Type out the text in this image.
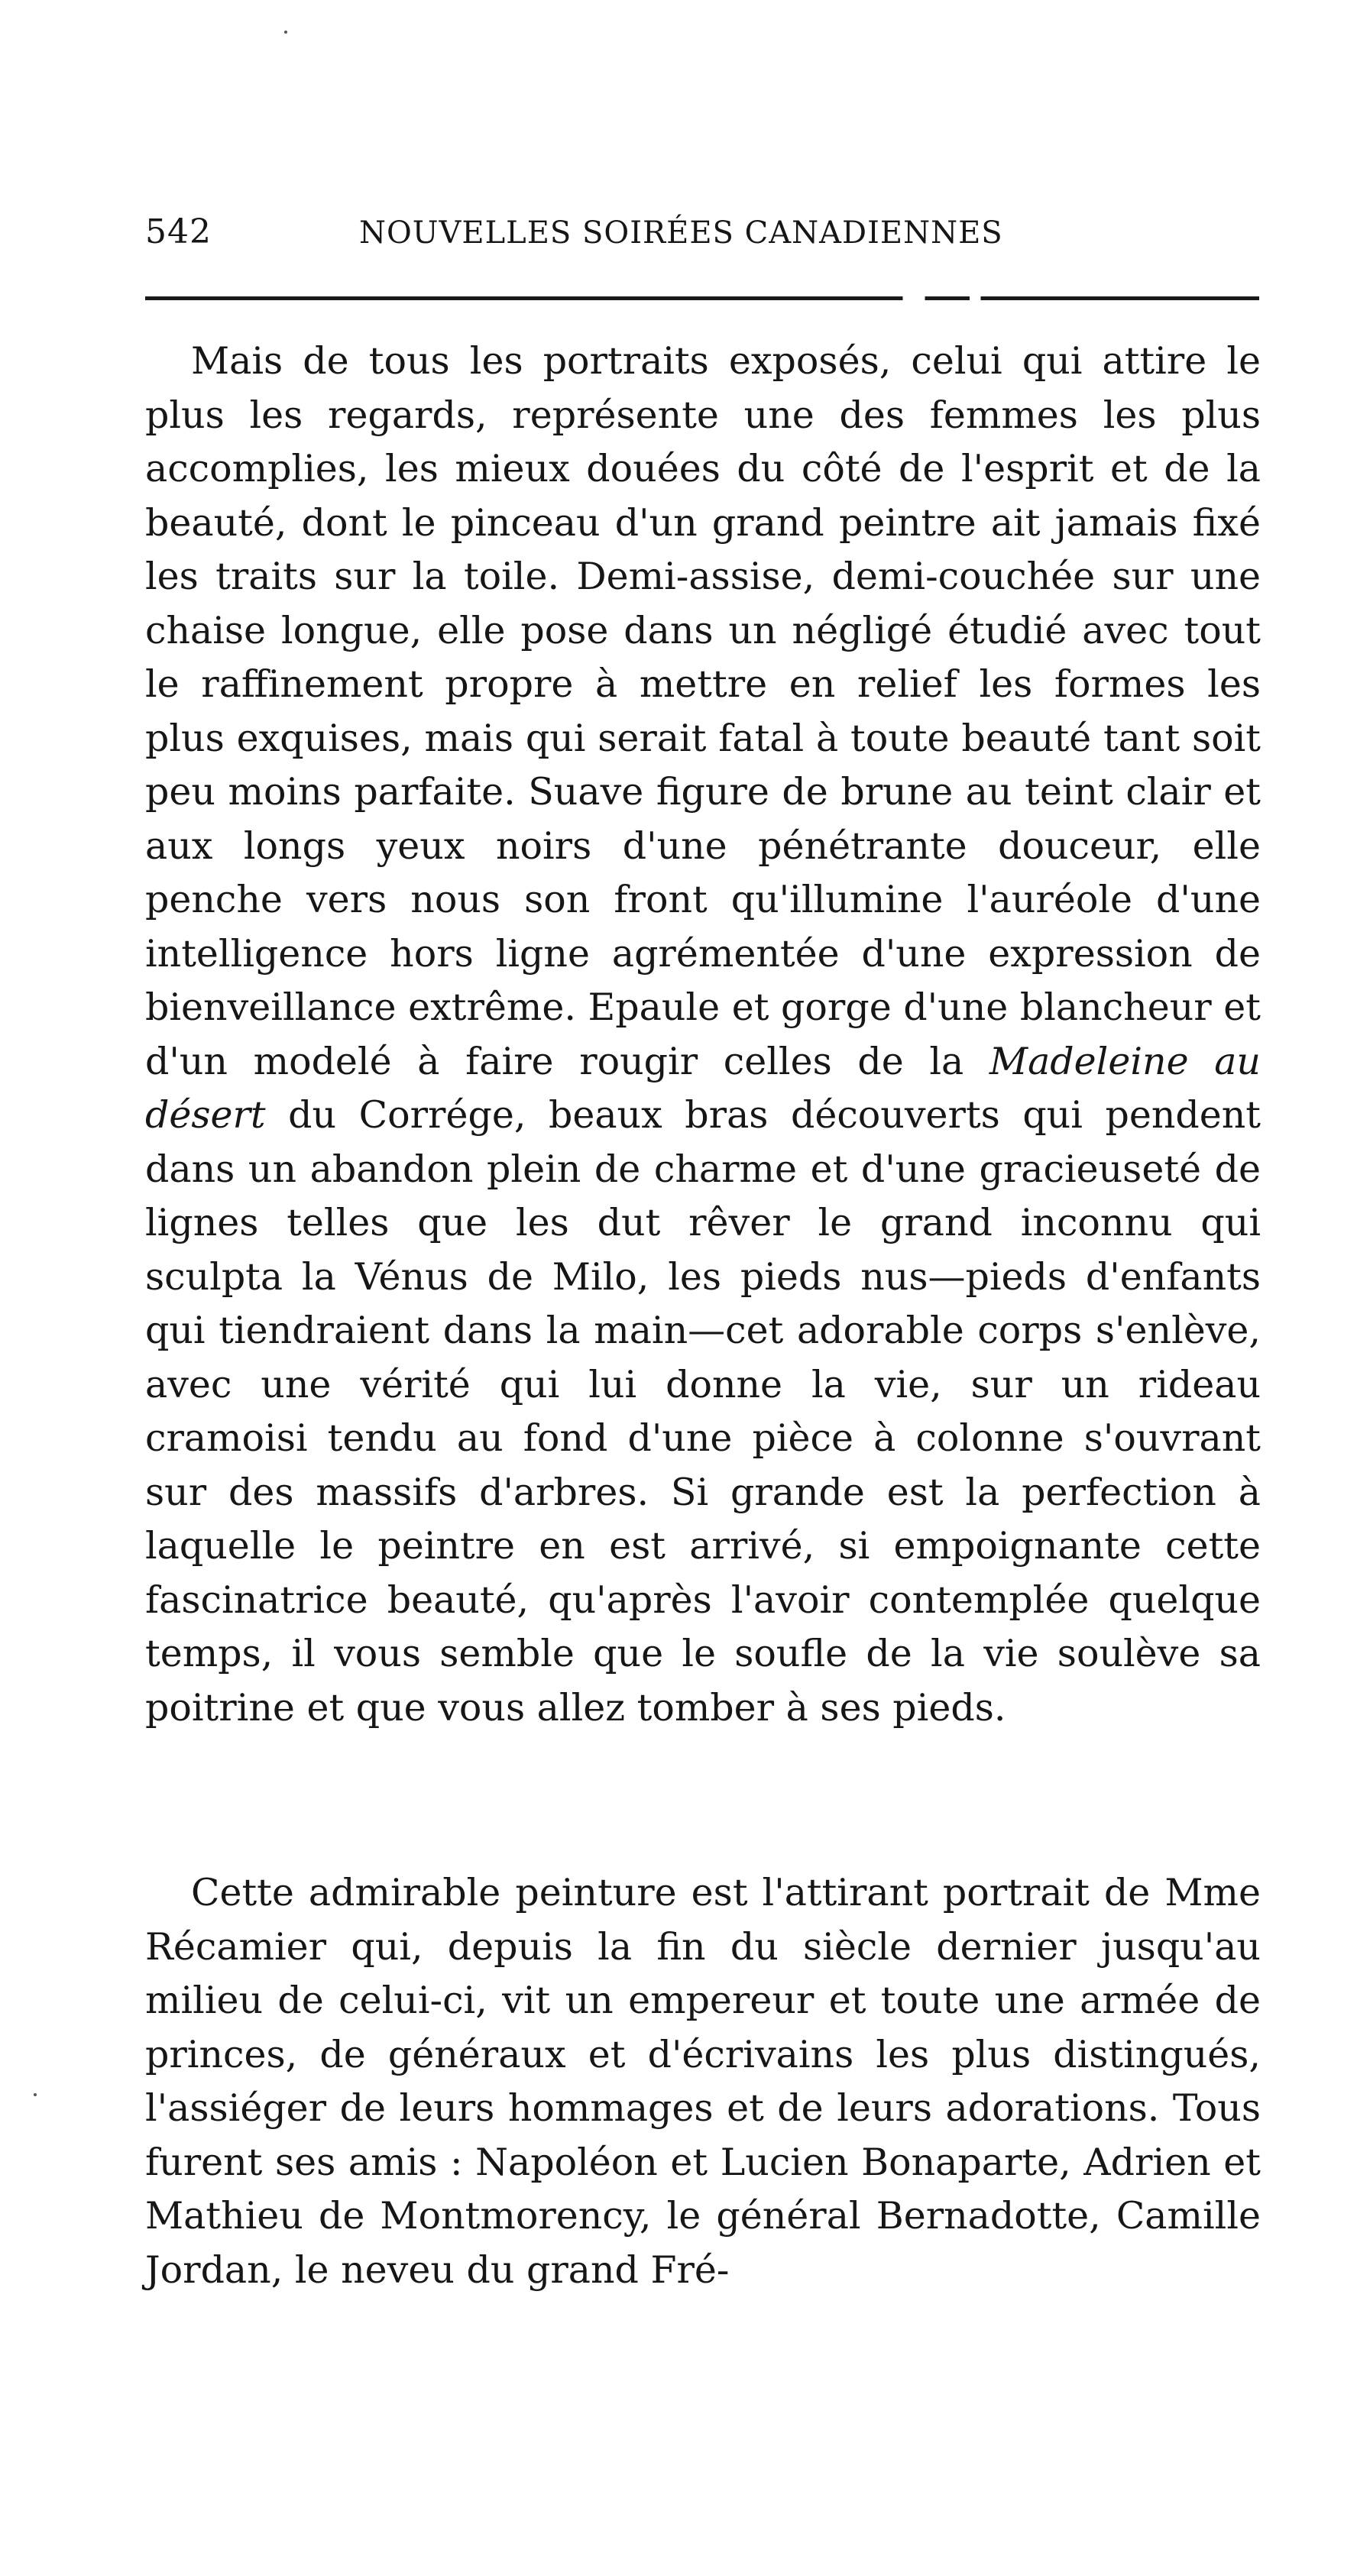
542	NOUVELLES SOIRÉES CANADIENNES

Mais de tous les portraits exposés, celui qui attire le plus les regards, représente une des femmes les plus accomplies, les mieux douées du côté de l'esprit et de la beauté, dont le pinceau d'un grand peintre ait jamais fixé les traits sur la toile. Demi-assise, demi-couchée sur une chaise longue, elle pose dans un négligé étudié avec tout le raffinement propre à mettre en relief les formes les plus exquises, mais qui serait fatal à toute beauté tant soit peu moins parfaite. Suave figure de brune au teint clair et aux longs yeux noirs d'une pénétrante douceur, elle penche vers nous son front qu'illumine l'auréole d'une intelligence hors ligne agrémentée d'une expression de bienveillance extrême. Epaule et gorge d'une blancheur et d'un modelé à faire rougir celles de la Madeleine au désert du Corrége, beaux bras découverts qui pendent dans un abandon plein de charme et d'une gracieuseté de lignes telles que les dut rêver le grand inconnu qui sculpta la Vénus de Milo, les pieds nus—pieds d'enfants qui tiendraient dans la main—cet adorable corps s'enlève, avec une vérité qui lui donne la vie, sur un rideau cramoisi tendu au fond d'une pièce à colonne s'ouvrant sur des massifs d'arbres. Si grande est la perfection à laquelle le peintre en est arrivé, si empoignante cette fascinatrice beauté, qu'après l'avoir contemplée quelque temps, il vous semble que le soufle de la vie soulève sa poitrine et que vous allez tomber à ses pieds.

Cette admirable peinture est l'attirant portrait de Mme Récamier qui, depuis la fin du siècle dernier jusqu'au milieu de celui-ci, vit un empereur et toute une armée de princes, de généraux et d'écrivains les plus distingués, l'assiéger de leurs hommages et de leurs adorations. Tous furent ses amis : Napoléon et Lucien Bonaparte, Adrien et Mathieu de Montmorency, le général Bernadotte, Camille Jordan, le neveu du grand Fré-
